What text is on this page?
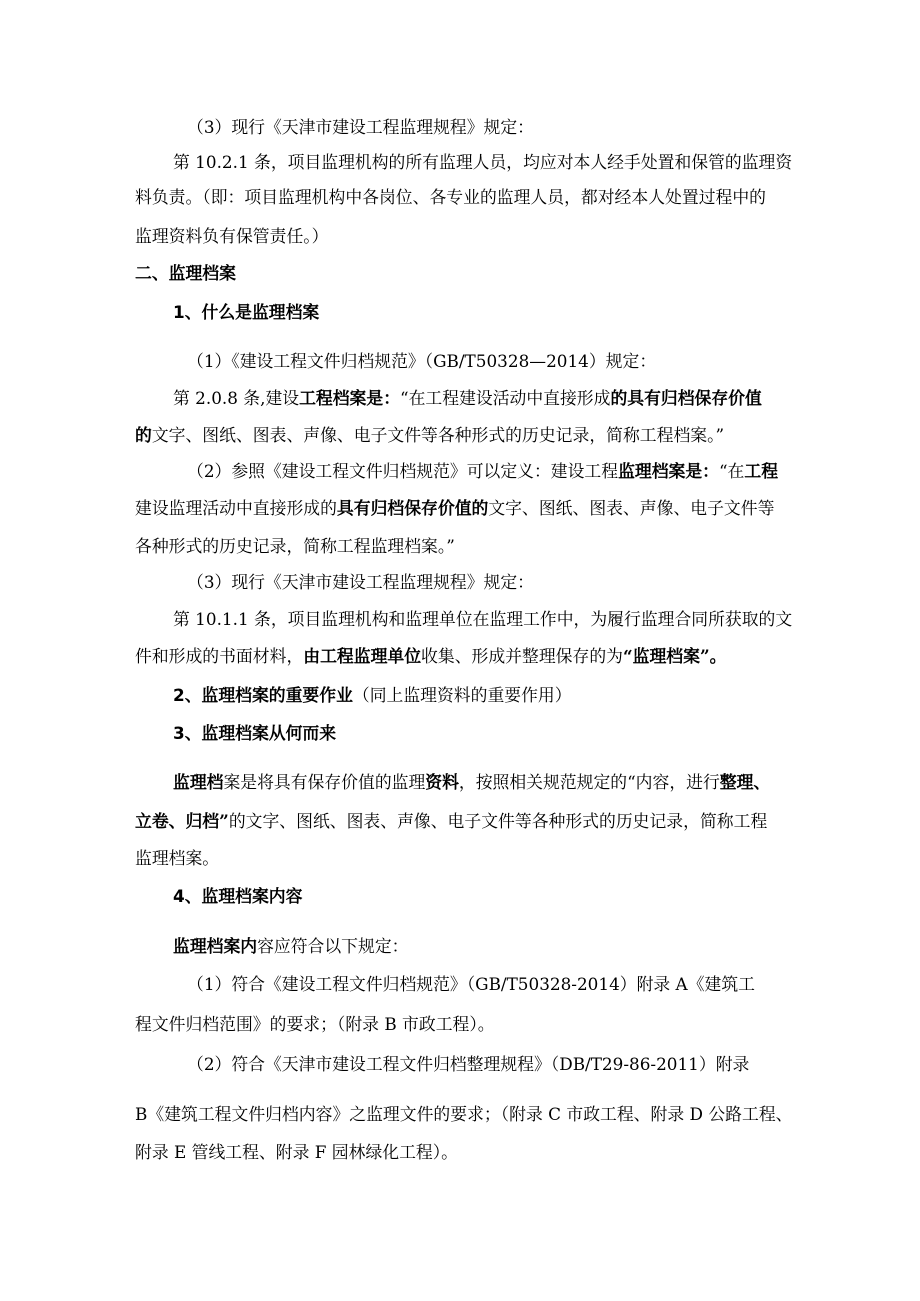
（3）现行《天津市建设工程监理规程》规定：
第 10.2.1 条，项目监理机构的所有监理人员，均应对本人经手处置和保管的监理资
料负责。（即：项目监理机构中各岗位、各专业的监理人员，都对经本人处置过程中的
监理资料负有保管责任。）
二、监理档案
1、什么是监理档案
（1）《建设工程文件归档规范》（GB/T50328—2014）规定：
第 2.0.8 条,建设工程档案是：“在工程建设活动中直接形成的具有归档保存价值
的文字、图纸、图表、声像、电子文件等各种形式的历史记录，简称工程档案。”
（2）参照《建设工程文件归档规范》可以定义：建设工程监理档案是：“在工程
建设监理活动中直接形成的具有归档保存价值的文字、图纸、图表、声像、电子文件等
各种形式的历史记录，简称工程监理档案。”
（3）现行《天津市建设工程监理规程》规定：
第 10.1.1 条，项目监理机构和监理单位在监理工作中，为履行监理合同所获取的文
件和形成的书面材料，由工程监理单位收集、形成并整理保存的为“监理档案”。
2、监理档案的重要作业（同上监理资料的重要作用）
3、监理档案从何而来
监理档案是将具有保存价值的监理资料，按照相关规范规定的“内容，进行整理、
立卷、归档”的文字、图纸、图表、声像、电子文件等各种形式的历史记录，简称工程
监理档案。
4、监理档案内容
监理档案内容应符合以下规定：
（1）符合《建设工程文件归档规范》（GB/T50328-2014）附录 A《建筑工
程文件归档范围》的要求；（附录 B 市政工程）。
（2）符合《天津市建设工程文件归档整理规程》（DB/T29-86-2011）附录
B《建筑工程文件归档内容》之监理文件的要求；（附录 C 市政工程、附录 D 公路工程、
附录 E 管线工程、附录 F 园林绿化工程）。
